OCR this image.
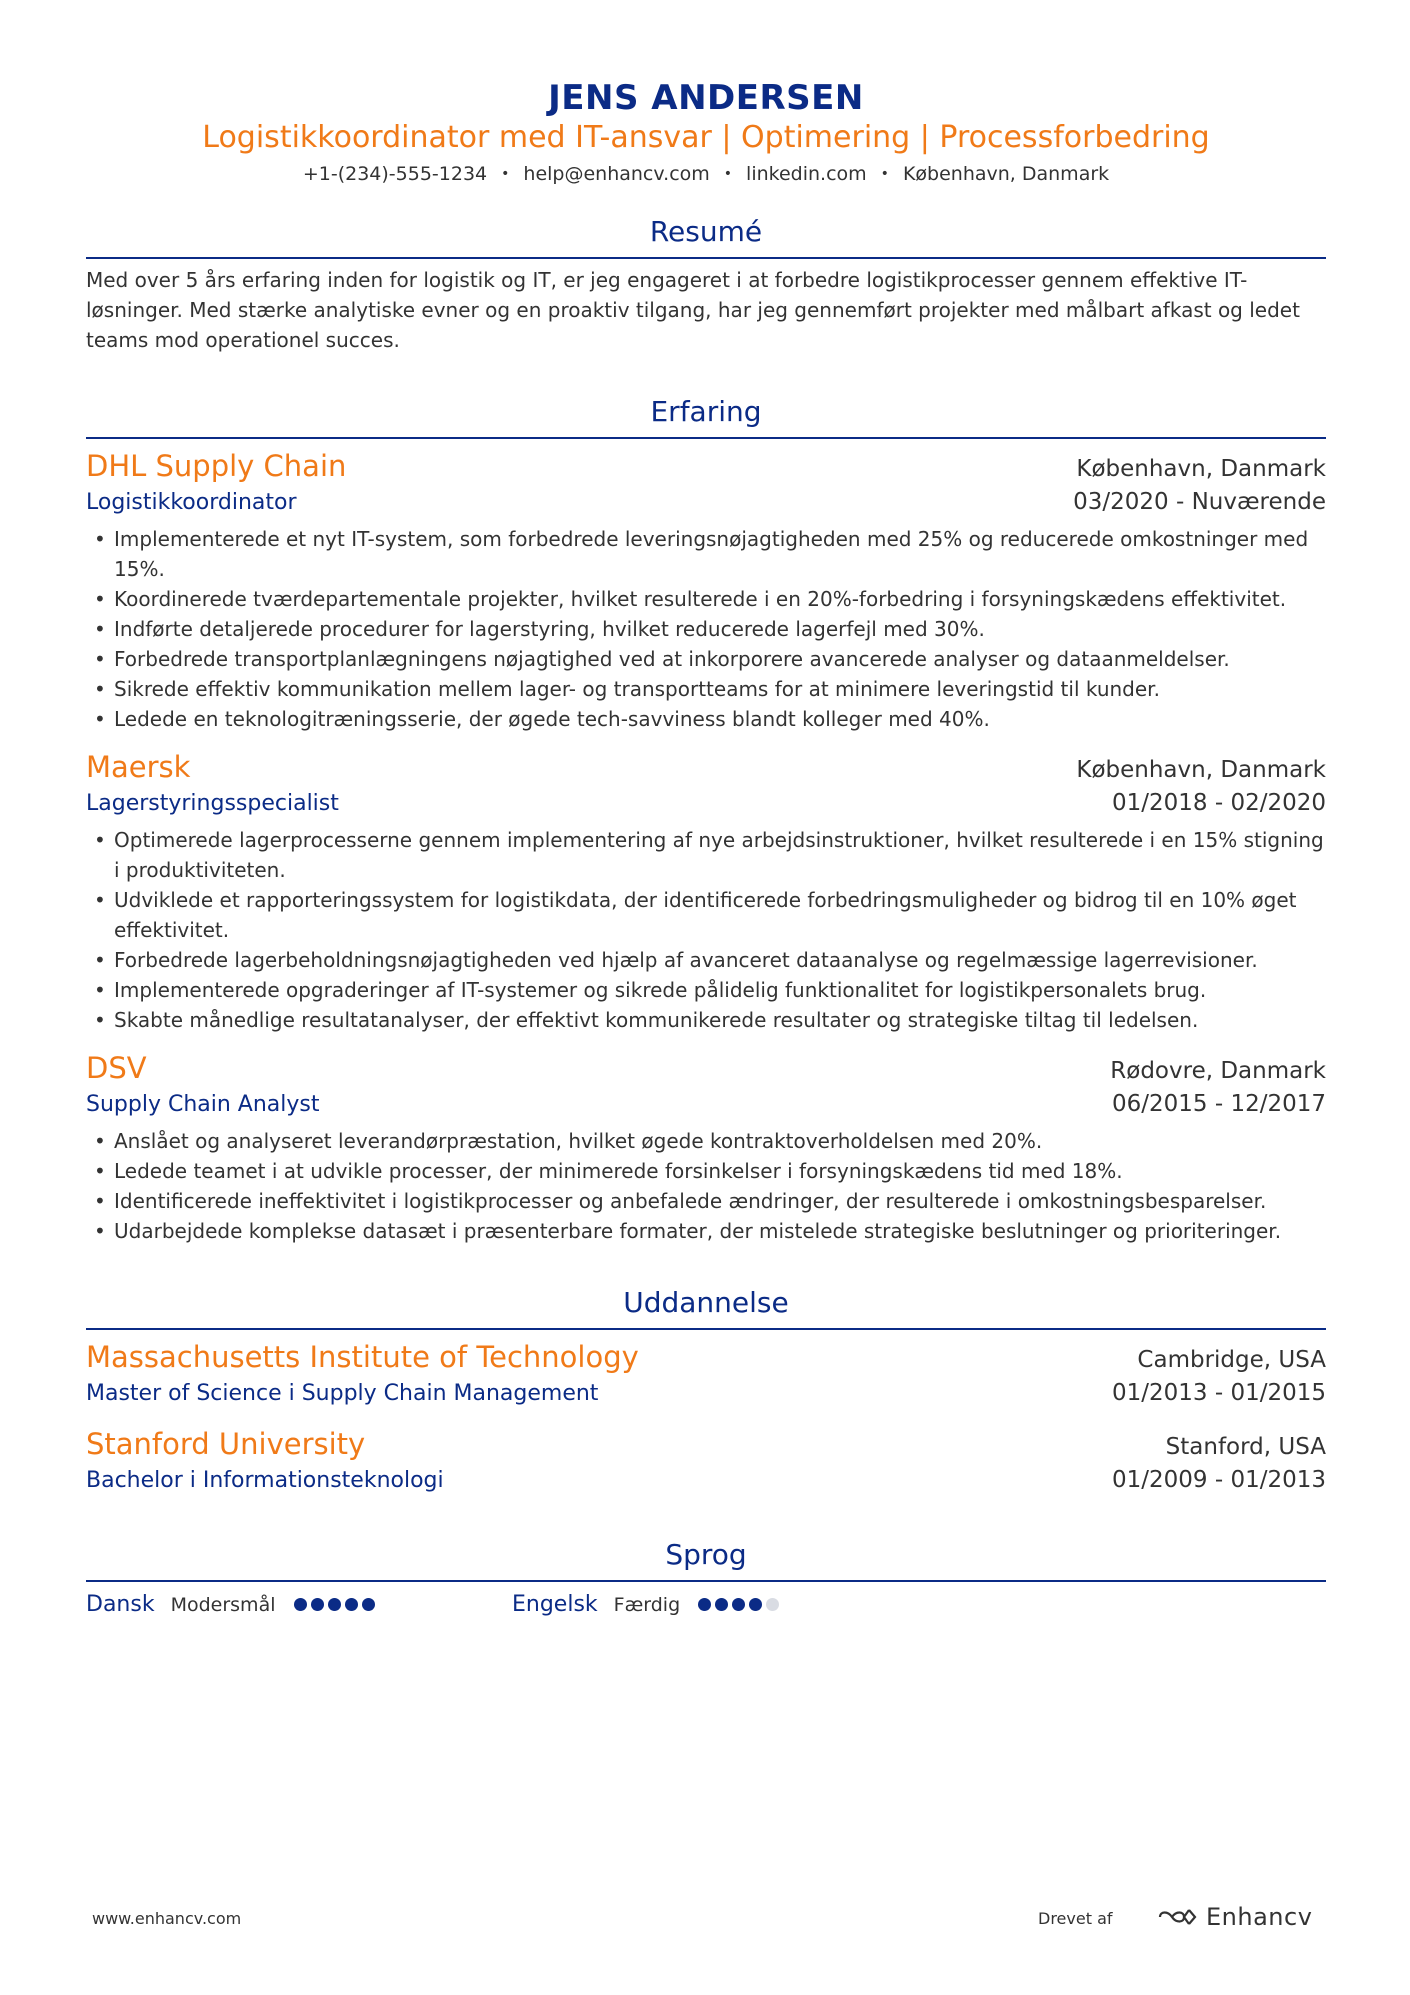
JENS ANDERSEN
Logistikkoordinator med IT-ansvar | Optimering | Processforbedring
+1-(234)-555-1234 • help@enhancv.com • linkedin.com • København, Danmark
Resumé
Med over 5 års erfaring inden for logistik og IT, er jeg engageret i at forbedre logistikprocesser gennem effektive IT-løsninger. Med stærke analytiske evner og en proaktiv tilgang, har jeg gennemført projekter med målbart afkast og ledet teams mod operationel succes.
Erfaring
DHL Supply Chain	København, Danmark
Logistikkoordinator	03/2020 - Nuværende
• Implementerede et nyt IT-system, som forbedrede leveringsnøjagtigheden med 25% og reducerede omkostninger med 15%.
• Koordinerede tværdepartementale projekter, hvilket resulterede i en 20%-forbedring i forsyningskædens effektivitet.
• Indførte detaljerede procedurer for lagerstyring, hvilket reducerede lagerfejl med 30%.
• Forbedrede transportplanlægningens nøjagtighed ved at inkorporere avancerede analyser og dataanmeldelser.
• Sikrede effektiv kommunikation mellem lager- og transportteams for at minimere leveringstid til kunder.
• Ledede en teknologitræningsserie, der øgede tech-savviness blandt kolleger med 40%.
Maersk	København, Danmark
Lagerstyringsspecialist	01/2018 - 02/2020
• Optimerede lagerprocesserne gennem implementering af nye arbejdsinstruktioner, hvilket resulterede i en 15% stigning i produktiviteten.
• Udviklede et rapporteringssystem for logistikdata, der identificerede forbedringsmuligheder og bidrog til en 10% øget effektivitet.
• Forbedrede lagerbeholdningsnøjagtigheden ved hjælp af avanceret dataanalyse og regelmæssige lagerrevisioner.
• Implementerede opgraderinger af IT-systemer og sikrede pålidelig funktionalitet for logistikpersonalets brug.
• Skabte månedlige resultatanalyser, der effektivt kommunikerede resultater og strategiske tiltag til ledelsen.
DSV	Rødovre, Danmark
Supply Chain Analyst	06/2015 - 12/2017
• Anslået og analyseret leverandørpræstation, hvilket øgede kontraktoverholdelsen med 20%.
• Ledede teamet i at udvikle processer, der minimerede forsinkelser i forsyningskædens tid med 18%.
• Identificerede ineffektivitet i logistikprocesser og anbefalede ændringer, der resulterede i omkostningsbesparelser.
• Udarbejdede komplekse datasæt i præsenterbare formater, der mistelede strategiske beslutninger og prioriteringer.
Uddannelse
Massachusetts Institute of Technology	Cambridge, USA
Master of Science i Supply Chain Management	01/2013 - 01/2015
Stanford University	Stanford, USA
Bachelor i Informationsteknologi	01/2009 - 01/2013
Sprog
Dansk Modersmål	Engelsk Færdig
www.enhancv.com	Drevet af	Enhancv
